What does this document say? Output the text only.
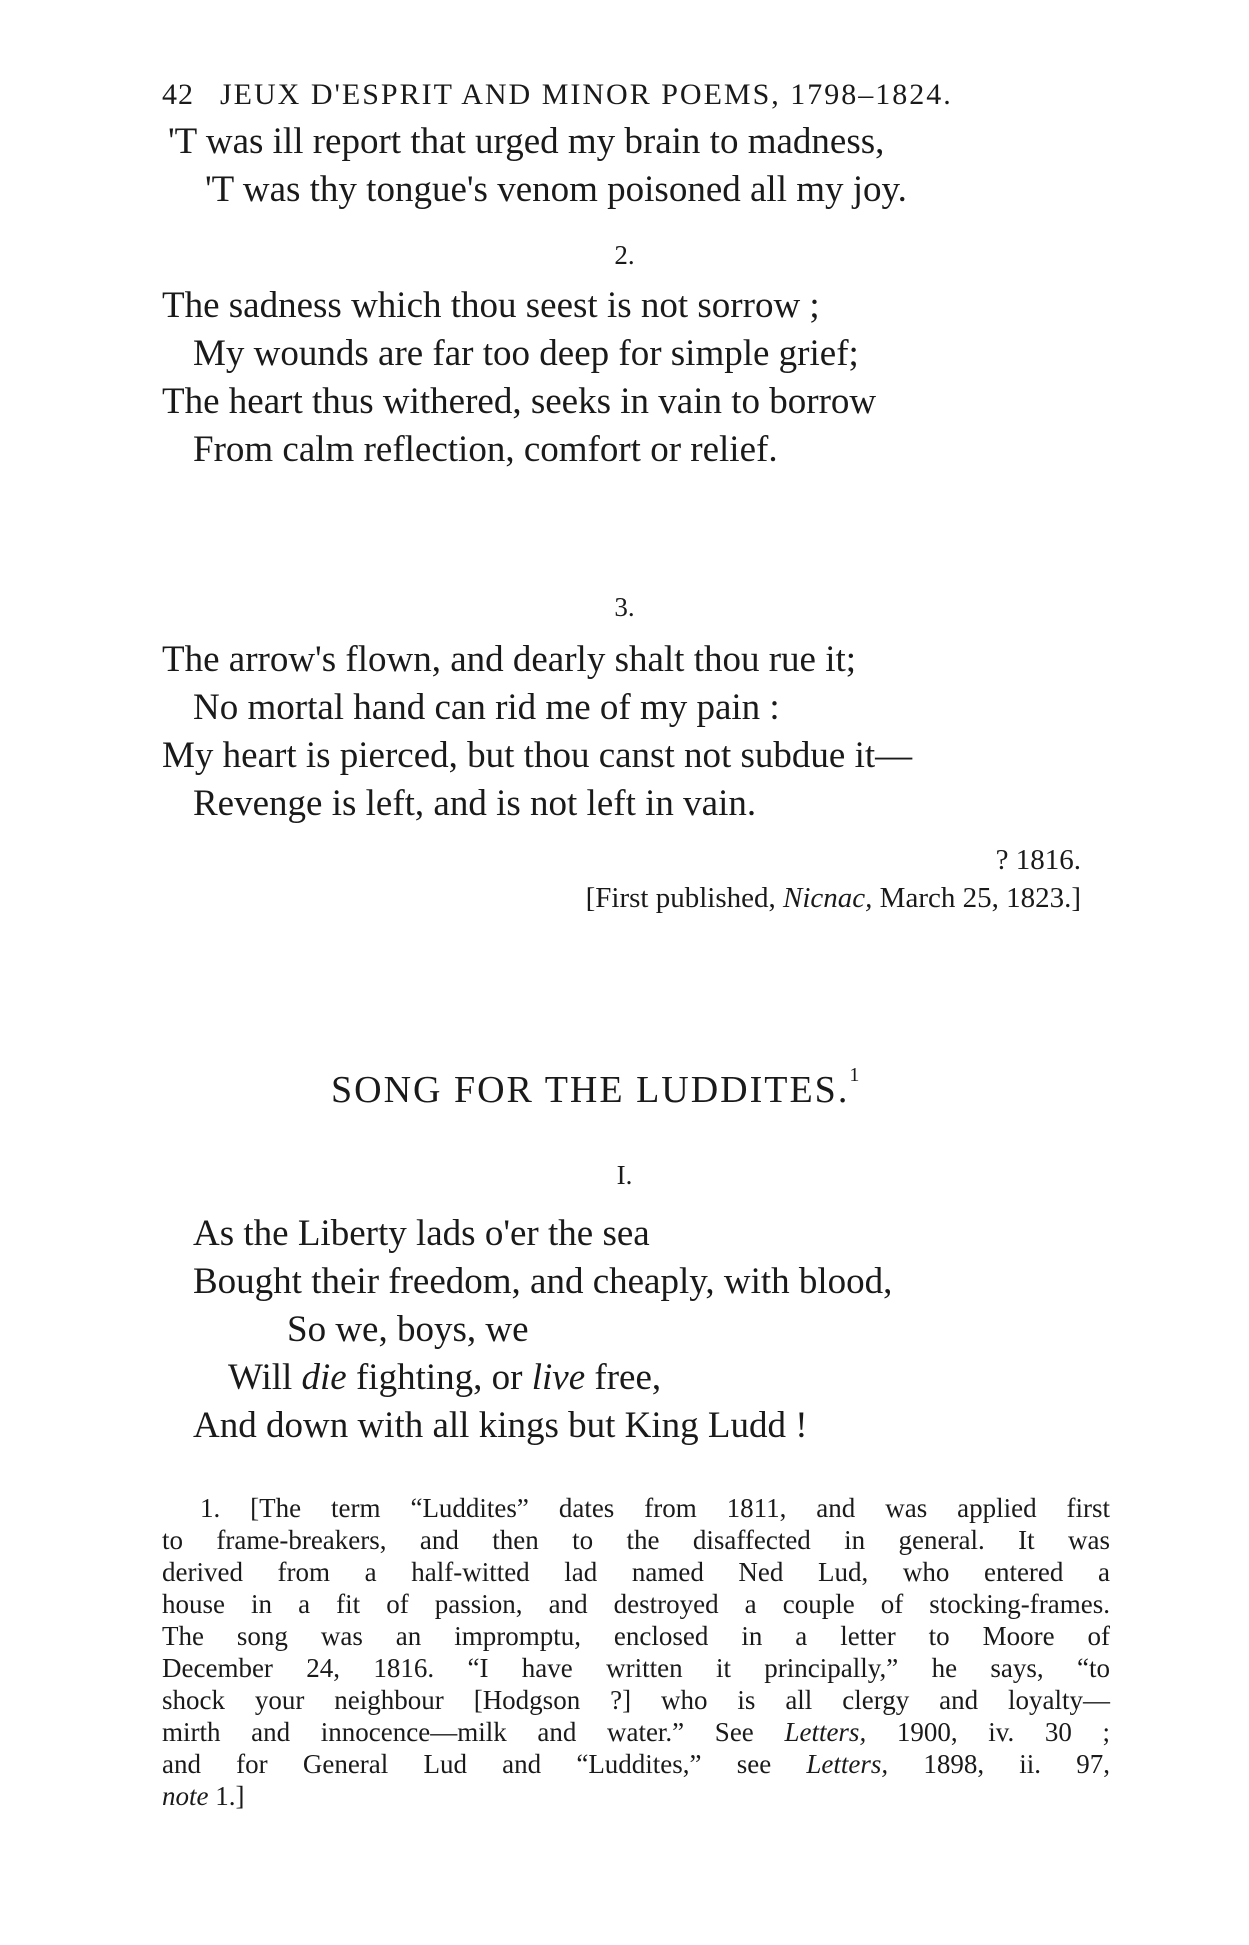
42 JEUX D'ESPRIT AND MINOR POEMS, 1798–1824.
'T was ill report that urged my brain to madness,
'T was thy tongue's venom poisoned all my joy.
2.
The sadness which thou seest is not sorrow ;
My wounds are far too deep for simple grief;
The heart thus withered, seeks in vain to borrow
From calm reflection, comfort or relief.
3.
The arrow's flown, and dearly shalt thou rue it;
No mortal hand can rid me of my pain :
My heart is pierced, but thou canst not subdue it—
Revenge is left, and is not left in vain.
? 1816.
[First published, Nicnac, March 25, 1823.]
SONG FOR THE LUDDITES.$^1$
I.
As the Liberty lads o'er the sea
Bought their freedom, and cheaply, with blood,
So we, boys, we
Will die fighting, or live free,
And down with all kings but King Ludd !
1. [The term “Luddites” dates from 1811, and was applied first
to frame-breakers, and then to the disaffected in general. It was
derived from a half-witted lad named Ned Lud, who entered a
house in a fit of passion, and destroyed a couple of stocking-frames.
The song was an impromptu, enclosed in a letter to Moore of
December 24, 1816. “I have written it principally,” he says, “to
shock your neighbour [Hodgson ?] who is all clergy and loyalty—
mirth and innocence—milk and water.” See Letters, 1900, iv. 30 ;
and for General Lud and “Luddites,” see Letters, 1898, ii. 97,
note 1.]
